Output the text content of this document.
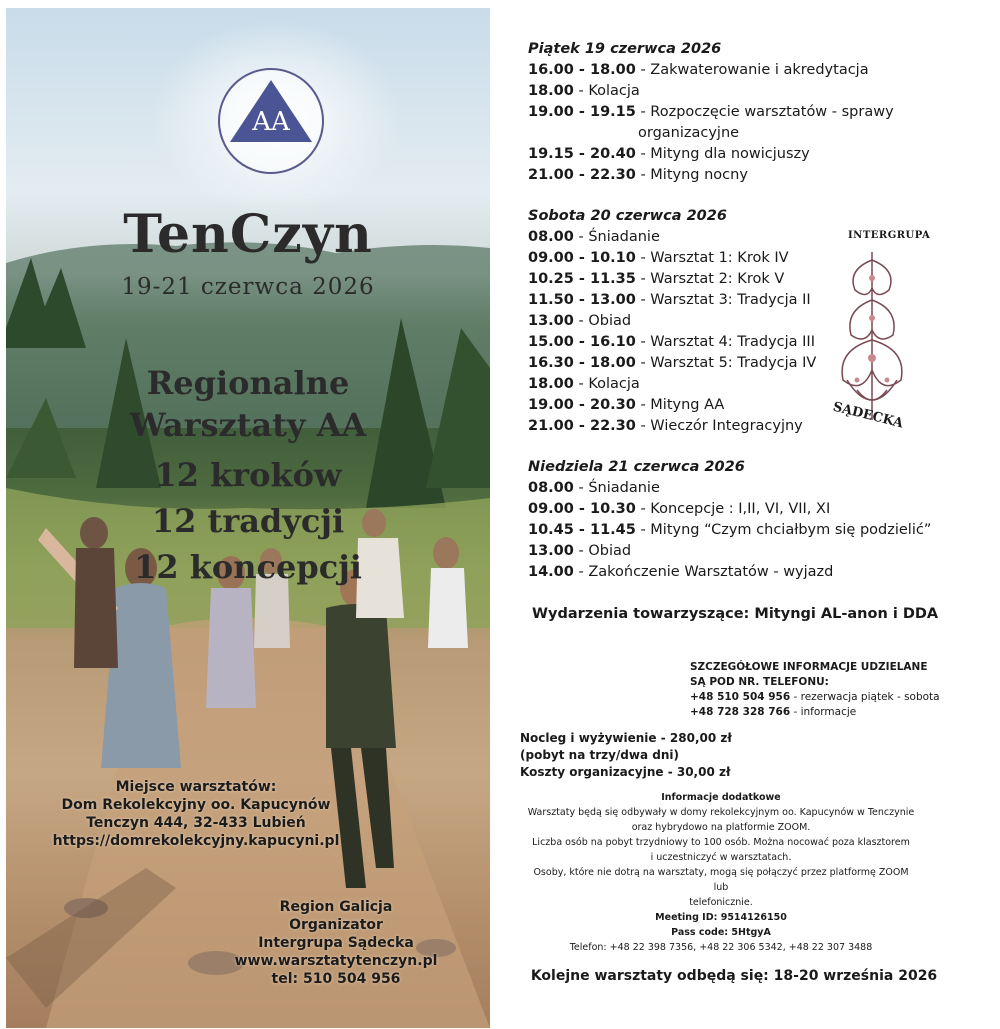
AA
TenCzyn
19-21 czerwca 2026
Regionalne
Warsztaty AA
12 kroków
12 tradycji
12 koncepcji
Miejsce warsztatów:
Dom Rekolekcyjny oo. Kapucynów
Tenczyn 444, 32-433 Lubień
https://domrekolekcyjny.kapucyni.pl
Region Galicja
Organizator
Intergrupa Sądecka
www.warsztatytenczyn.pl
tel: 510 504 956
Piątek 19 czerwca 2026
16.00 - 18.00 - Zakwaterowanie i akredytacja
18.00 - Kolacja
19.00 - 19.15 - Rozpoczęcie warsztatów - sprawy
organizacyjne
19.15 - 20.40 - Mityng dla nowicjuszy
21.00 - 22.30 - Mityng nocny
Sobota 20 czerwca 2026
08.00 - Śniadanie
09.00 - 10.10 - Warsztat 1: Krok IV
10.25 - 11.35 - Warsztat 2: Krok V
11.50 - 13.00 - Warsztat 3: Tradycja II
13.00 - Obiad
15.00 - 16.10 - Warsztat 4: Tradycja III
16.30 - 18.00 - Warsztat 5: Tradycja IV
18.00 - Kolacja
19.00 - 20.30 - Mityng AA
21.00 - 22.30 - Wieczór Integracyjny
Niedziela 21 czerwca 2026
08.00 - Śniadanie
09.00 - 10.30 - Koncepcje : I,II, VI, VII, XI
10.45 - 11.45 - Mityng “Czym chciałbym się podzielić”
13.00 - Obiad
14.00 - Zakończenie Warsztatów - wyjazd
INTERGRUPA
SĄDECKA
Wydarzenia towarzyszące: Mityngi AL-anon i DDA
SZCZEGÓŁOWE INFORMACJE UDZIELANE
SĄ POD NR. TELEFONU:
+48 510 504 956 - rezerwacja piątek - sobota
+48 728 328 766 - informacje
Nocleg i wyżywienie - 280,00 zł
(pobyt na trzy/dwa dni)
Koszty organizacyjne - 30,00 zł
Informacje dodatkowe
Warsztaty będą się odbywały w domy rekolekcyjnym oo. Kapucynów w Tenczynie
oraz hybrydowo na platformie ZOOM.
Liczba osób na pobyt trzydniowy to 100 osób. Można nocować poza klasztorem
i uczestniczyć w warsztatach.
Osoby, które nie dotrą na warsztaty, mogą się połączyć przez platformę ZOOM lub
telefonicznie.
Meeting ID: 9514126150
Pass code: 5HtgyA
Telefon: +48 22 398 7356, +48 22 306 5342, +48 22 307 3488
Kolejne warsztaty odbędą się: 18-20 września 2026
